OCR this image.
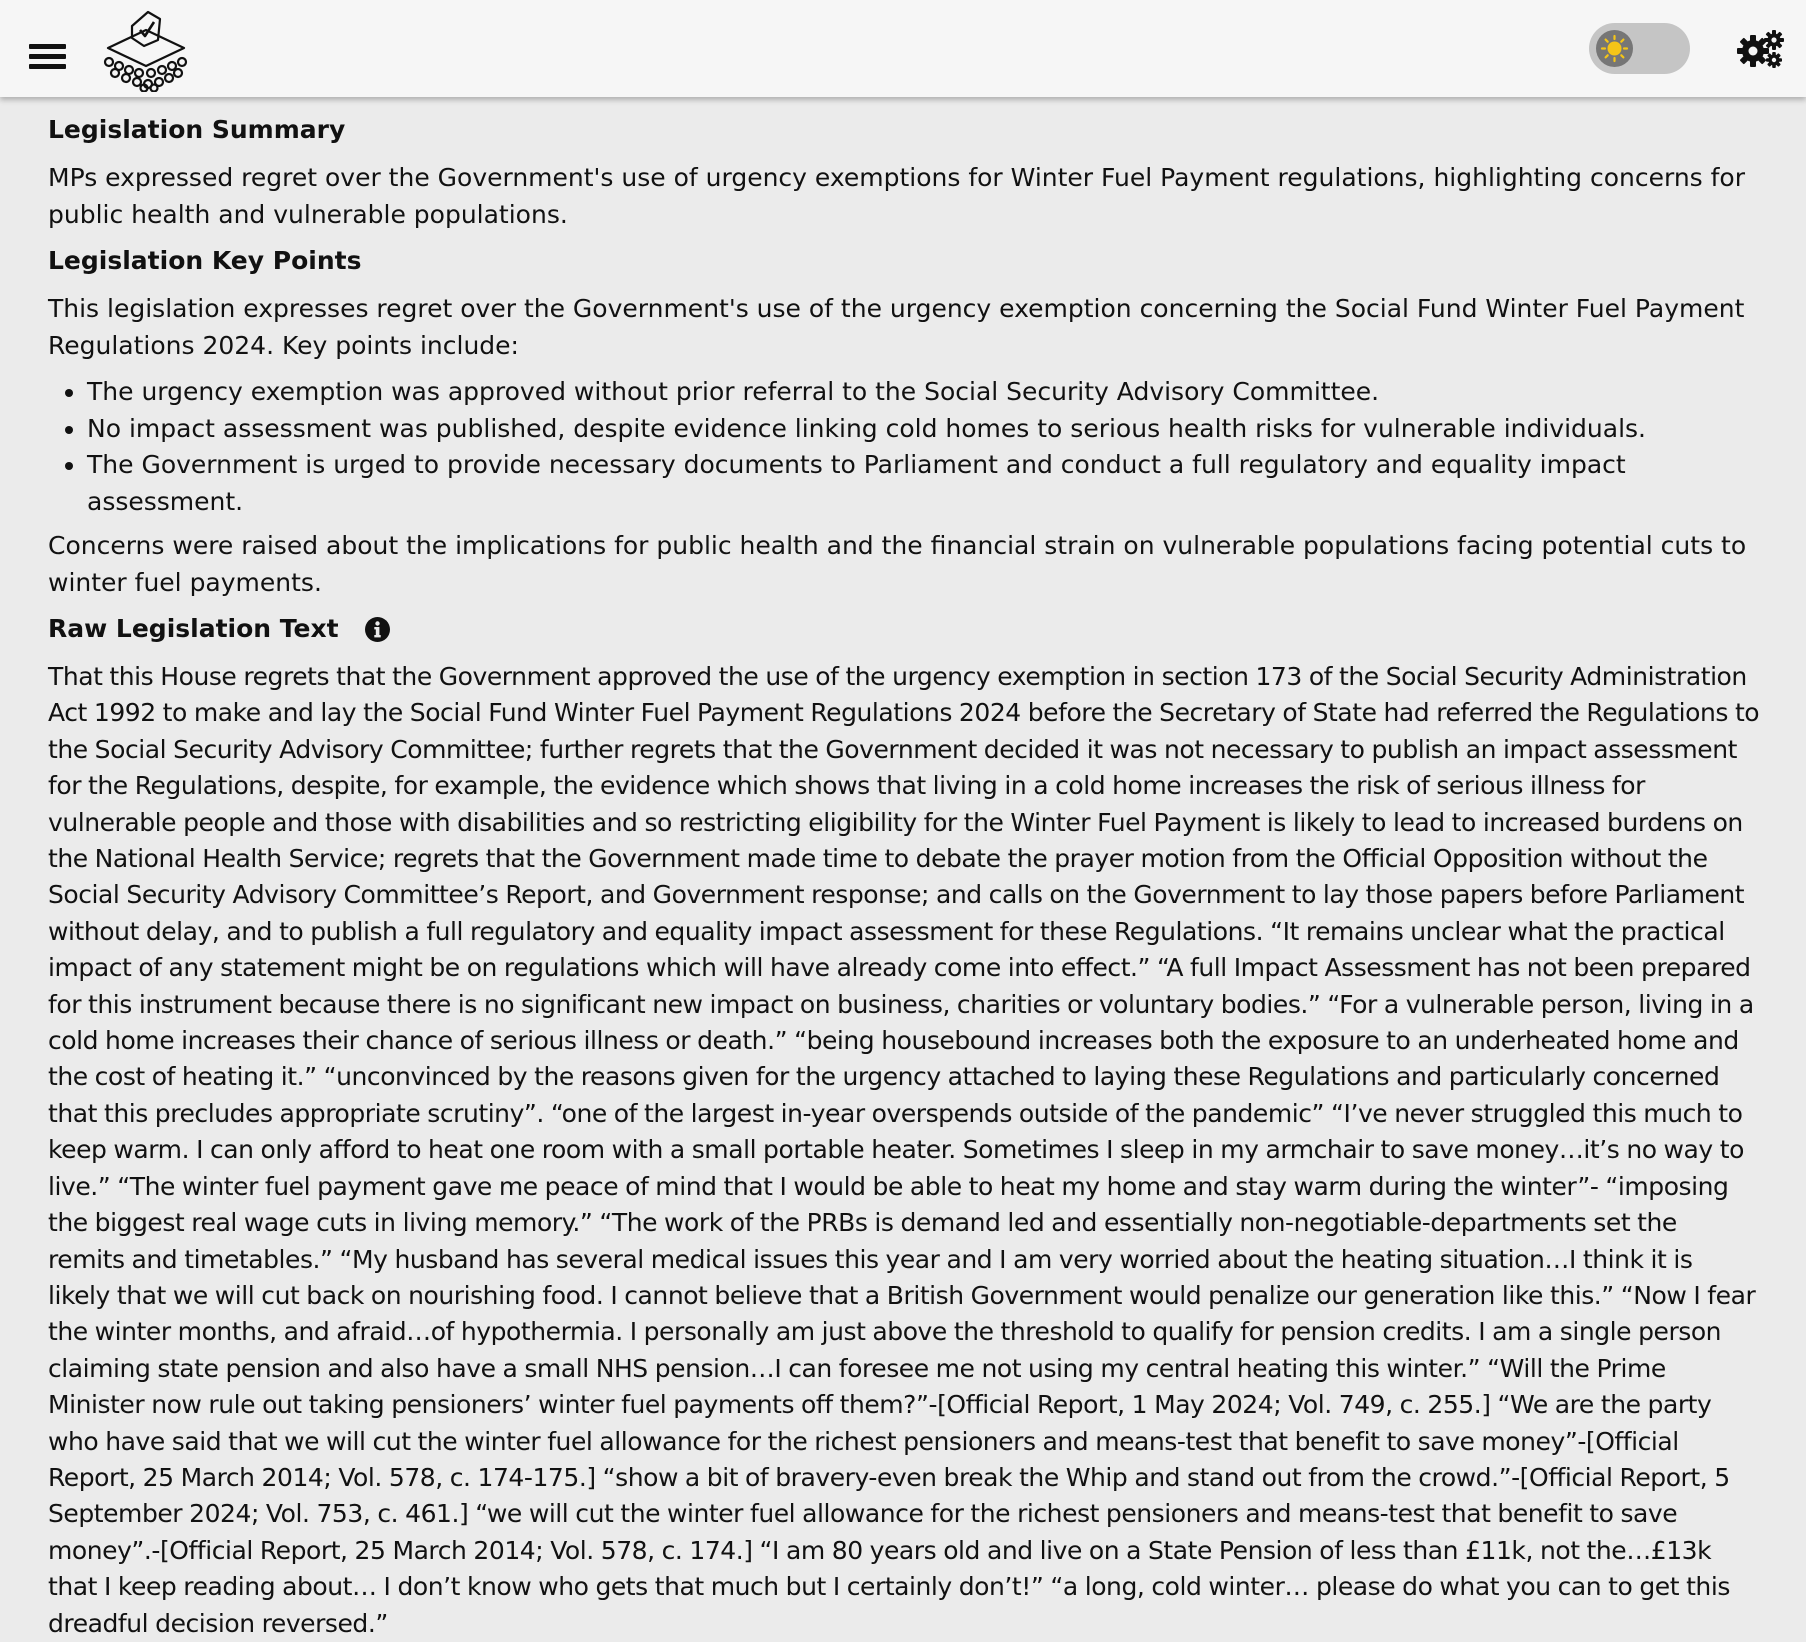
Legislation Summary

MPs expressed regret over the Government's use of urgency exemptions for Winter Fuel Payment regulations, highlighting concerns for public health and vulnerable populations.

Legislation Key Points

This legislation expresses regret over the Government's use of the urgency exemption concerning the Social Fund Winter Fuel Payment Regulations 2024. Key points include:

• The urgency exemption was approved without prior referral to the Social Security Advisory Committee.
• No impact assessment was published, despite evidence linking cold homes to serious health risks for vulnerable individuals.
• The Government is urged to provide necessary documents to Parliament and conduct a full regulatory and equality impact assessment.

Concerns were raised about the implications for public health and the financial strain on vulnerable populations facing potential cuts to winter fuel payments.

Raw Legislation Text

That this House regrets that the Government approved the use of the urgency exemption in section 173 of the Social Security Administration Act 1992 to make and lay the Social Fund Winter Fuel Payment Regulations 2024 before the Secretary of State had referred the Regulations to the Social Security Advisory Committee; further regrets that the Government decided it was not necessary to publish an impact assessment for the Regulations, despite, for example, the evidence which shows that living in a cold home increases the risk of serious illness for vulnerable people and those with disabilities and so restricting eligibility for the Winter Fuel Payment is likely to lead to increased burdens on the National Health Service; regrets that the Government made time to debate the prayer motion from the Official Opposition without the Social Security Advisory Committee’s Report, and Government response; and calls on the Government to lay those papers before Parliament without delay, and to publish a full regulatory and equality impact assessment for these Regulations. “It remains unclear what the practical impact of any statement might be on regulations which will have already come into effect.” “A full Impact Assessment has not been prepared for this instrument because there is no significant new impact on business, charities or voluntary bodies.” “For a vulnerable person, living in a cold home increases their chance of serious illness or death.” “being housebound increases both the exposure to an underheated home and the cost of heating it.” “unconvinced by the reasons given for the urgency attached to laying these Regulations and particularly concerned that this precludes appropriate scrutiny”. “one of the largest in-year overspends outside of the pandemic” “I’ve never struggled this much to keep warm. I can only afford to heat one room with a small portable heater. Sometimes I sleep in my armchair to save money…it’s no way to live.” “The winter fuel payment gave me peace of mind that I would be able to heat my home and stay warm during the winter”- “imposing the biggest real wage cuts in living memory.” “The work of the PRBs is demand led and essentially non-negotiable-departments set the remits and timetables.” “My husband has several medical issues this year and I am very worried about the heating situation…I think it is likely that we will cut back on nourishing food. I cannot believe that a British Government would penalize our generation like this.” “Now I fear the winter months, and afraid…of hypothermia. I personally am just above the threshold to qualify for pension credits. I am a single person claiming state pension and also have a small NHS pension…I can foresee me not using my central heating this winter.” “Will the Prime Minister now rule out taking pensioners’ winter fuel payments off them?”-[Official Report, 1 May 2024; Vol. 749, c. 255.] “We are the party who have said that we will cut the winter fuel allowance for the richest pensioners and means-test that benefit to save money”-[Official Report, 25 March 2014; Vol. 578, c. 174-175.] “show a bit of bravery-even break the Whip and stand out from the crowd.”-[Official Report, 5 September 2024; Vol. 753, c. 461.] “we will cut the winter fuel allowance for the richest pensioners and means-test that benefit to save money”.-[Official Report, 25 March 2014; Vol. 578, c. 174.] “I am 80 years old and live on a State Pension of less than £11k, not the…£13k that I keep reading about… I don’t know who gets that much but I certainly don’t!” “a long, cold winter… please do what you can to get this dreadful decision reversed.”
